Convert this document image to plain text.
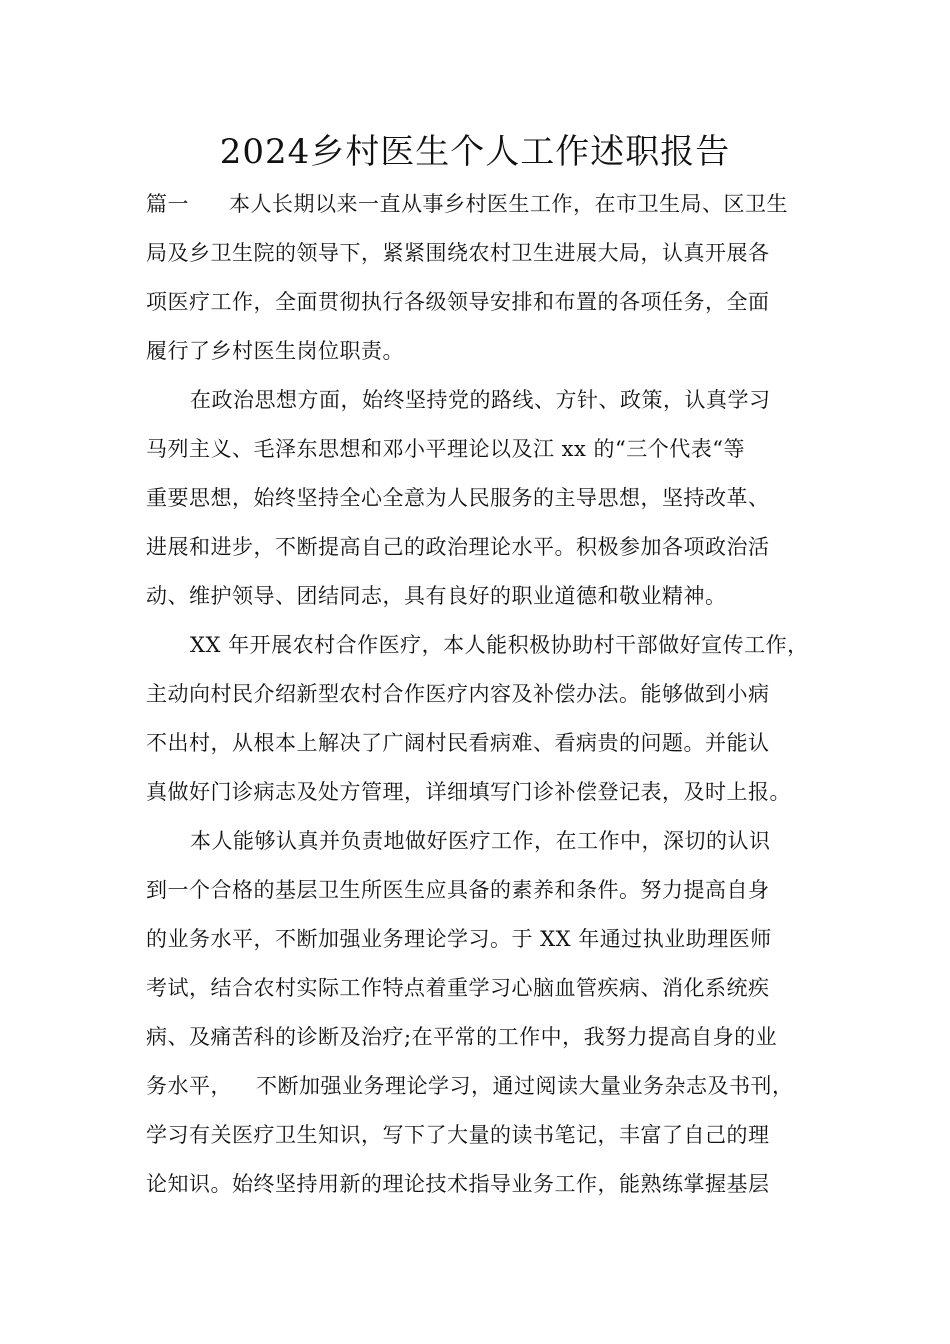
2024乡村医生个人工作述职报告
篇一 本人长期以来一直从事乡村医生工作，在市卫生局、区卫生
局及乡卫生院的领导下，紧紧围绕农村卫生进展大局，认真开展各
项医疗工作，全面贯彻执行各级领导安排和布置的各项任务，全面
履行了乡村医生岗位职责。
在政治思想方面，始终坚持党的路线、方针、政策，认真学习
马列主义、毛泽东思想和邓小平理论以及江 xx 的“三个代表“等
重要思想，始终坚持全心全意为人民服务的主导思想，坚持改革、
进展和进步，不断提高自己的政治理论水平。积极参加各项政治活
动、维护领导、团结同志，具有良好的职业道德和敬业精神。
XX 年开展农村合作医疗，本人能积极协助村干部做好宣传工作，
主动向村民介绍新型农村合作医疗内容及补偿办法。能够做到小病
不出村，从根本上解决了广阔村民看病难、看病贵的问题。并能认
真做好门诊病志及处方管理，详细填写门诊补偿登记表，及时上报。
本人能够认真并负责地做好医疗工作，在工作中，深切的认识
到一个合格的基层卫生所医生应具备的素养和条件。努力提高自身
的业务水平，不断加强业务理论学习。于 XX 年通过执业助理医师
考试，结合农村实际工作特点着重学习心脑血管疾病、消化系统疾
病、及痛苦科的诊断及治疗;在平常的工作中，我努力提高自身的业
务水平， 不断加强业务理论学习，通过阅读大量业务杂志及书刊，
学习有关医疗卫生知识，写下了大量的读书笔记，丰富了自己的理
论知识。始终坚持用新的理论技术指导业务工作，能熟练掌握基层
